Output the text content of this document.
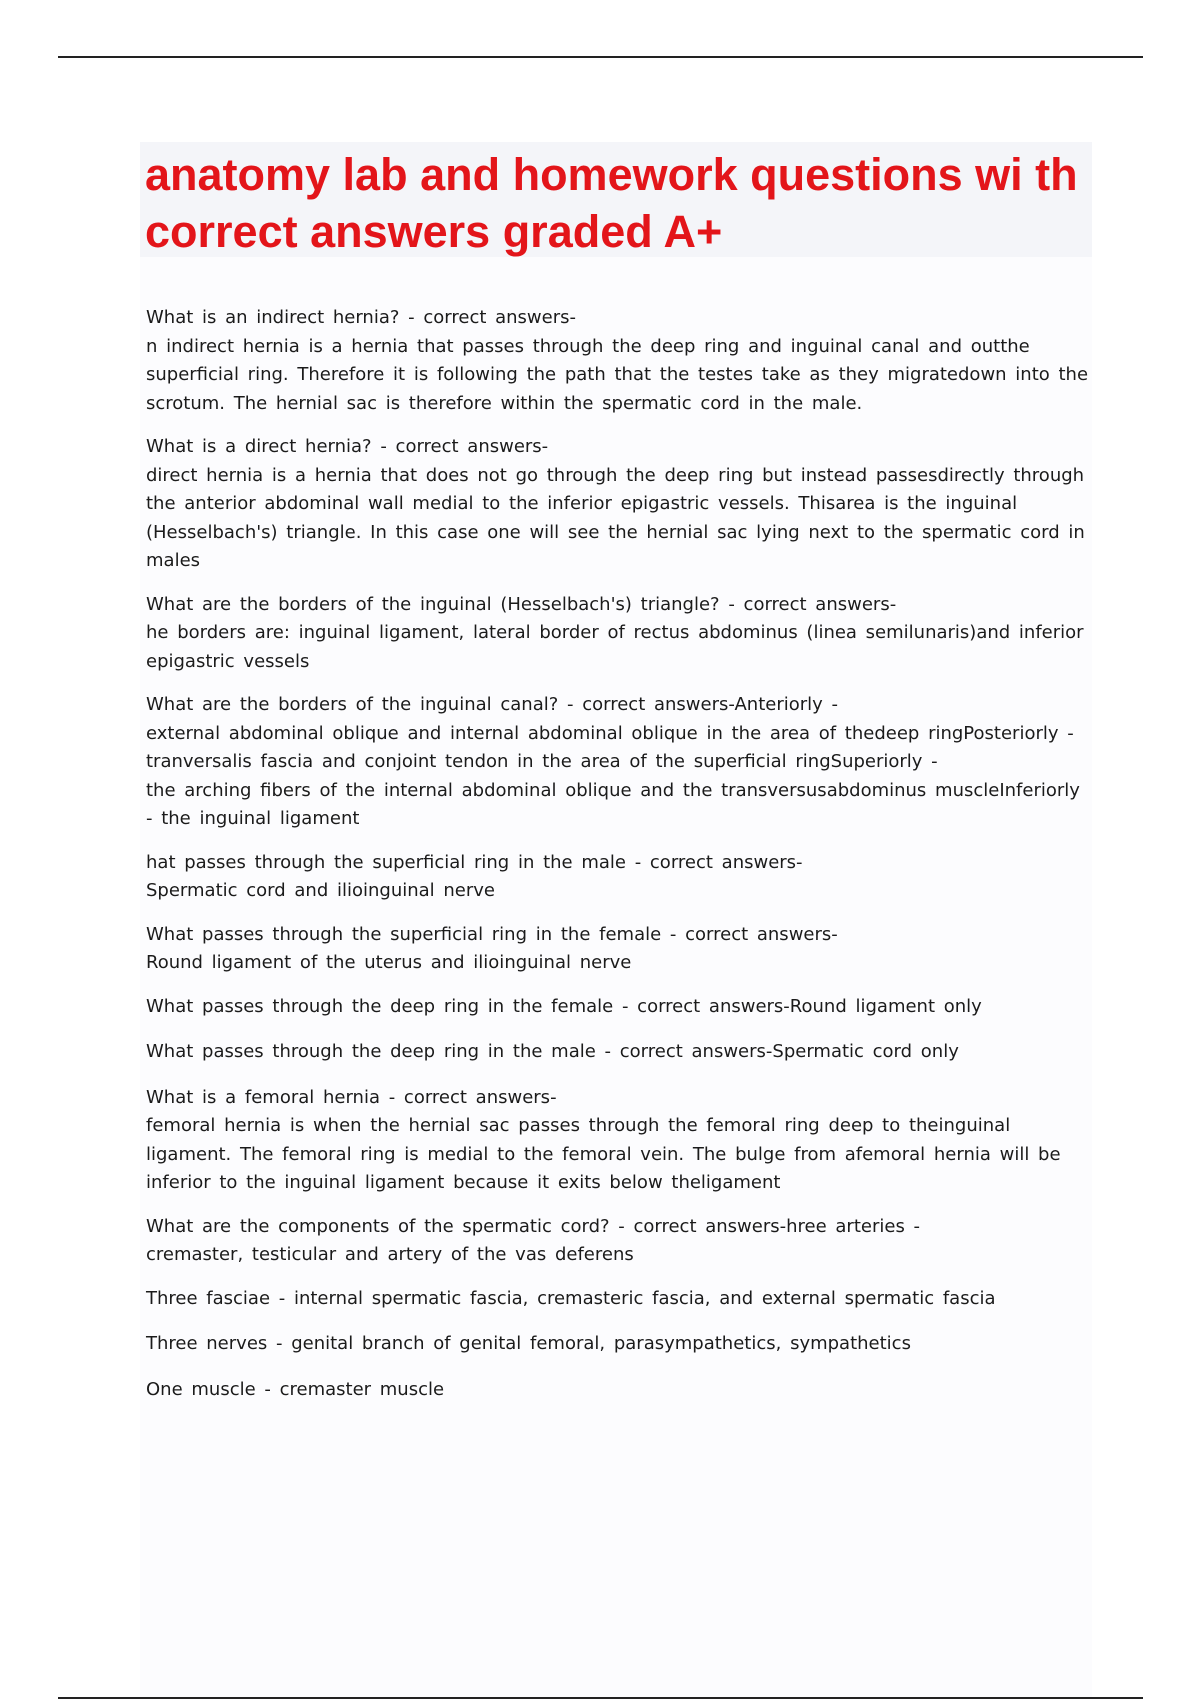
anatomy lab and homework questions wi th correct answers graded A+
What is an indirect hernia? - correct answers-
n indirect hernia is a hernia that passes through the deep ring and inguinal canal and outthe superficial ring. Therefore it is following the path that the testes take as they migratedown into the scrotum. The hernial sac is therefore within the spermatic cord in the male.
What is a direct hernia? - correct answers-
direct hernia is a hernia that does not go through the deep ring but instead passesdirectly through the anterior abdominal wall medial to the inferior epigastric vessels. Thisarea is the inguinal (Hesselbach's) triangle. In this case one will see the hernial sac lying next to the spermatic cord in males
What are the borders of the inguinal (Hesselbach's) triangle? - correct answers-
he borders are: inguinal ligament, lateral border of rectus abdominus (linea semilunaris)and inferior epigastric vessels
What are the borders of the inguinal canal? - correct answers-Anteriorly -
external abdominal oblique and internal abdominal oblique in the area of thedeep ringPosteriorly - tranversalis fascia and conjoint tendon in the area of the superficial ringSuperiorly -
the arching fibers of the internal abdominal oblique and the transversusabdominus muscleInferiorly - the inguinal ligament
hat passes through the superficial ring in the male - correct answers-
Spermatic cord and ilioinguinal nerve
What passes through the superficial ring in the female - correct answers-
Round ligament of the uterus and ilioinguinal nerve
What passes through the deep ring in the female - correct answers-Round ligament only
What passes through the deep ring in the male - correct answers-Spermatic cord only
What is a femoral hernia - correct answers-
femoral hernia is when the hernial sac passes through the femoral ring deep to theinguinal ligament. The femoral ring is medial to the femoral vein. The bulge from afemoral hernia will be inferior to the inguinal ligament because it exits below theligament
What are the components of the spermatic cord? - correct answers-hree arteries -
cremaster, testicular and artery of the vas deferens
Three fasciae - internal spermatic fascia, cremasteric fascia, and external spermatic fascia
Three nerves - genital branch of genital femoral, parasympathetics, sympathetics
One muscle - cremaster muscle
